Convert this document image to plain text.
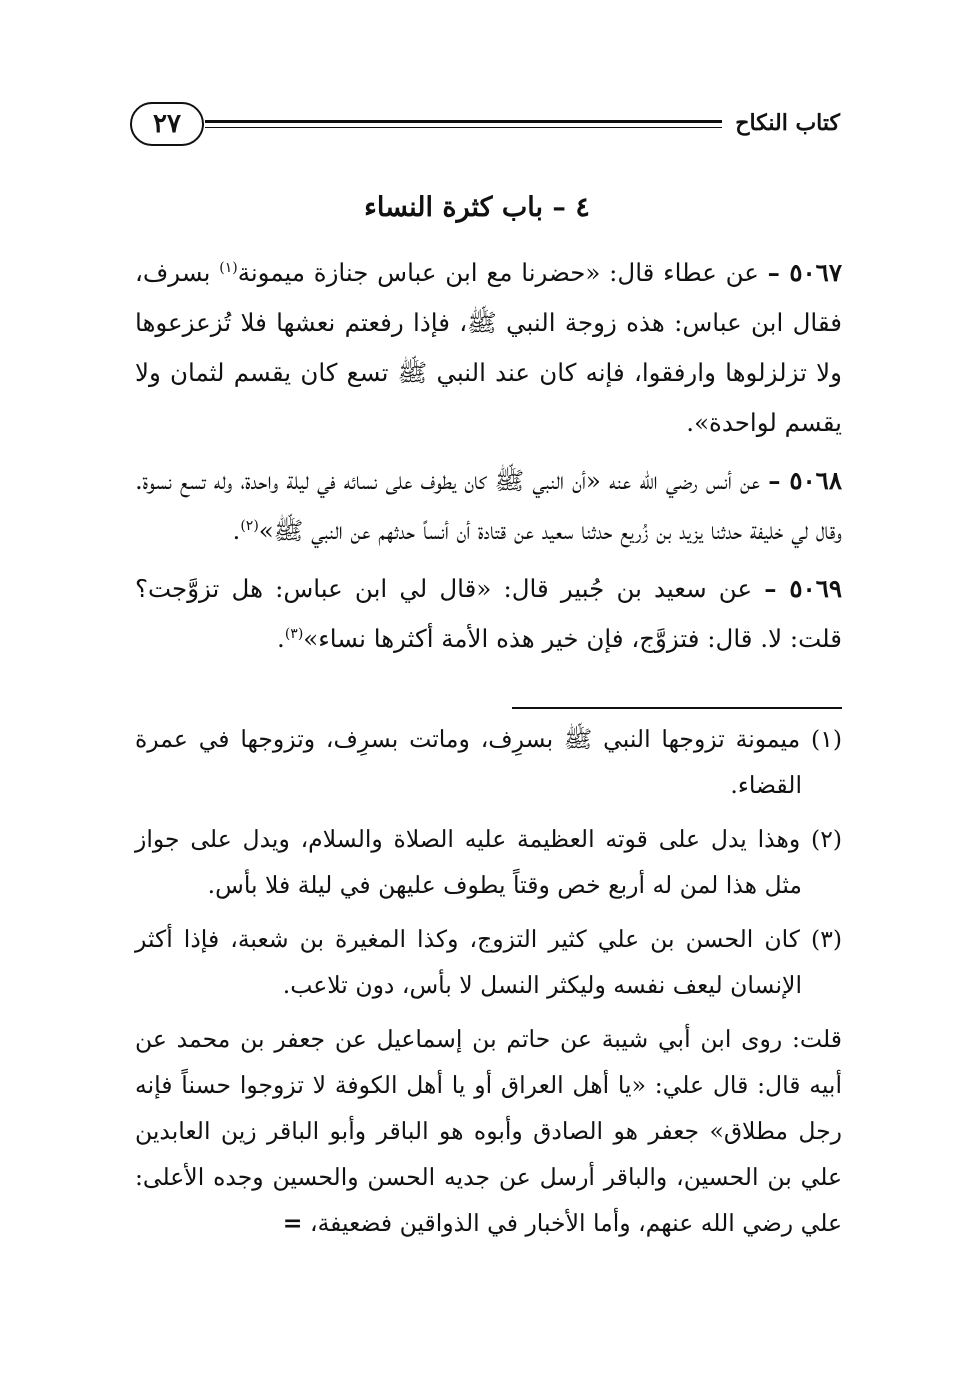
كتاب النكاح
٢٧
٤ – باب كثرة النساء

٥٠٦٧ – عن عطاء قال: «حضرنا مع ابن عباس جنازة ميمونة$^{(١)}$ بسرف، فقال ابن عباس: هذه زوجة النبي ﷺ، فإذا رفعتم نعشها فلا تُزعزعوها ولا تزلزلوها وارفقوا، فإنه كان عند النبي ﷺ تسع كان يقسم لثمان ولا يقسم لواحدة».

٥٠٦٨ – عن أنس رضي الله عنه «أن النبي ﷺ كان يطوف على نسائه في ليلة واحدة، وله تسع نسوة. وقال لي خليفة حدثنا يزيد بن زُريع حدثنا سعيد عن قتادة أن أنساً حدثهم عن النبي ﷺ»$^{(٢)}$.

٥٠٦٩ – عن سعيد بن جُبير قال: «قال لي ابن عباس: هل تزوَّجت؟ قلت: لا. قال: فتزوَّج، فإن خير هذه الأمة أكثرها نساء»$^{(٣)}$.

(١) ميمونة تزوجها النبي ﷺ بسرِف، وماتت بسرِف، وتزوجها في عمرة القضاء.

(٢) وهذا يدل على قوته العظيمة عليه الصلاة والسلام، ويدل على جواز مثل هذا لمن له أربع خص وقتاً يطوف عليهن في ليلة فلا بأس.

(٣) كان الحسن بن علي كثير التزوج، وكذا المغيرة بن شعبة، فإذا أكثر الإنسان ليعف نفسه وليكثر النسل لا بأس، دون تلاعب.

قلت: روى ابن أبي شيبة عن حاتم بن إسماعيل عن جعفر بن محمد عن أبيه قال: قال علي: «يا أهل العراق أو يا أهل الكوفة لا تزوجوا حسناً فإنه رجل مطلاق» جعفر هو الصادق وأبوه هو الباقر وأبو الباقر زين العابدين علي بن الحسين، والباقر أرسل عن جديه الحسن والحسين وجده الأعلى: علي رضي الله عنهم، وأما الأخبار في الذواقين فضعيفة، =
